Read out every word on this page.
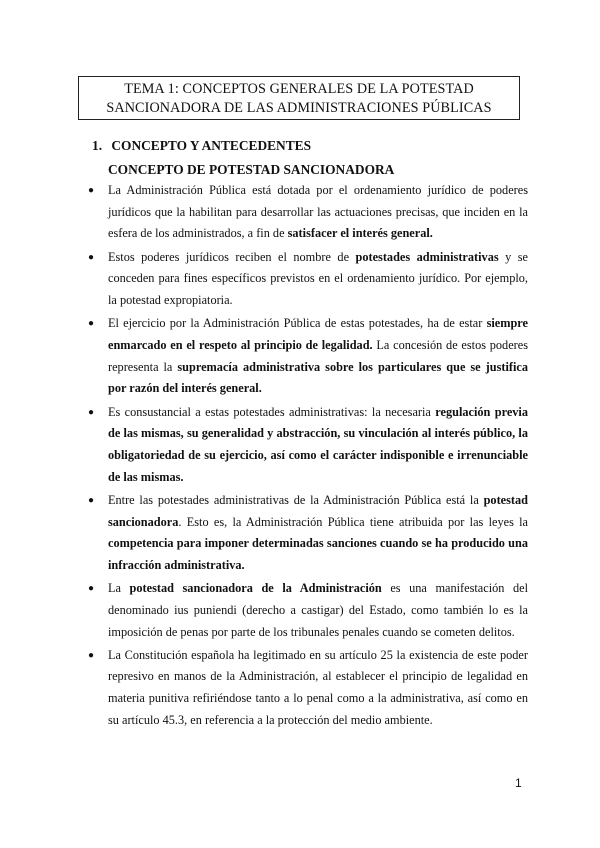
TEMA 1: CONCEPTOS GENERALES DE LA POTESTAD
SANCIONADORA DE LAS ADMINISTRACIONES PÚBLICAS
1. CONCEPTO Y ANTECEDENTES
CONCEPTO DE POTESTAD SANCIONADORA
● La Administración Pública está dotada por el ordenamiento jurídico de poderes jurídicos que la habilitan para desarrollar las actuaciones precisas, que inciden en la esfera de los administrados, a fin de satisfacer el interés general.
● Estos poderes jurídicos reciben el nombre de potestades administrativas y se conceden para fines específicos previstos en el ordenamiento jurídico. Por ejemplo, la potestad expropiatoria.
● El ejercicio por la Administración Pública de estas potestades, ha de estar siempre enmarcado en el respeto al principio de legalidad. La concesión de estos poderes representa la supremacía administrativa sobre los particulares que se justifica por razón del interés general.
● Es consustancial a estas potestades administrativas: la necesaria regulación previa de las mismas, su generalidad y abstracción, su vinculación al interés público, la obligatoriedad de su ejercicio, así como el carácter indisponible e irrenunciable de las mismas.
● Entre las potestades administrativas de la Administración Pública está la potestad sancionadora. Esto es, la Administración Pública tiene atribuida por las leyes la competencia para imponer determinadas sanciones cuando se ha producido una infracción administrativa.
● La potestad sancionadora de la Administración es una manifestación del denominado ius puniendi (derecho a castigar) del Estado, como también lo es la imposición de penas por parte de los tribunales penales cuando se cometen delitos.
● La Constitución española ha legitimado en su artículo 25 la existencia de este poder represivo en manos de la Administración, al establecer el principio de legalidad en materia punitiva refiriéndose tanto a lo penal como a la administrativa, así como en su artículo 45.3, en referencia a la protección del medio ambiente.
1
